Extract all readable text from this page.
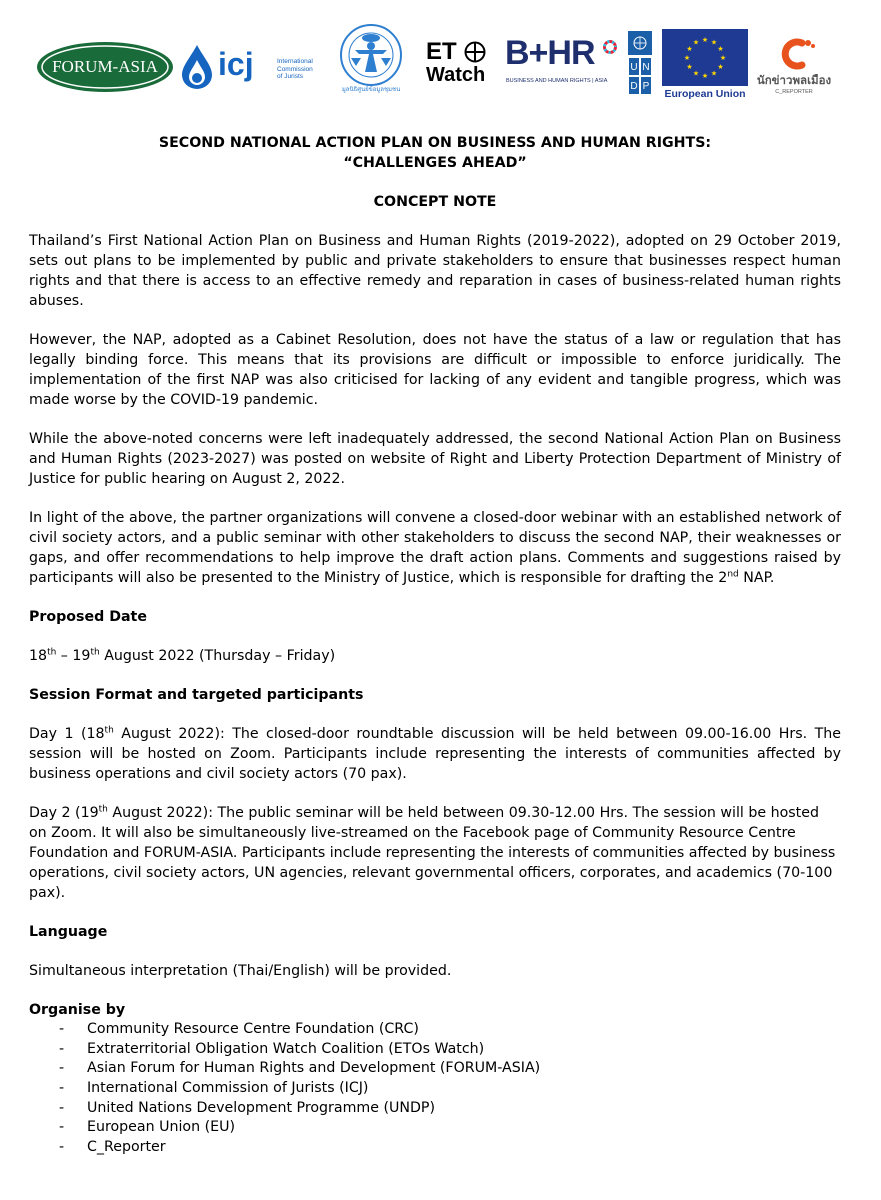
FORUM-ASIA	icj	International
Commission
of Jurists
มูลนิธิศูนย์ข้อมูลชุมชน
ET
Watch
B+HR
BUSINESS AND HUMAN RIGHTS | ASIA
U N
D P
★ ★
★
★
★
★
★
★
★
★
★
★
European Union
นักข่าวพลเมือง
C_REPORTER

SECOND NATIONAL ACTION PLAN ON BUSINESS AND HUMAN RIGHTS:
“CHALLENGES AHEAD”

CONCEPT NOTE

Thailand’s First National Action Plan on Business and Human Rights (2019-2022), adopted on 29 October 2019, sets out plans to be implemented by public and private stakeholders to ensure that businesses respect human rights and that there is access to an effective remedy and reparation in cases of business-related human rights abuses.

However, the NAP, adopted as a Cabinet Resolution, does not have the status of a law or regulation that has legally binding force. This means that its provisions are difficult or impossible to enforce juridically. The implementation of the first NAP was also criticised for lacking of any evident and tangible progress, which was made worse by the COVID-19 pandemic.

While the above-noted concerns were left inadequately addressed, the second National Action Plan on Business and Human Rights (2023-2027) was posted on website of Right and Liberty Protection Department of Ministry of Justice for public hearing on August 2, 2022.

In light of the above, the partner organizations will convene a closed-door webinar with an established network of civil society actors, and a public seminar with other stakeholders to discuss the second NAP, their weaknesses or gaps, and offer recommendations to help improve the draft action plans. Comments and suggestions raised by participants will also be presented to the Ministry of Justice, which is responsible for drafting the 2nd NAP.

Proposed Date

18th – 19th August 2022 (Thursday – Friday)

Session Format and targeted participants

Day 1 (18th August 2022): The closed-door roundtable discussion will be held between 09.00-16.00 Hrs. The session will be hosted on Zoom. Participants include representing the interests of communities affected by business operations and civil society actors (70 pax).

Day 2 (19th August 2022): The public seminar will be held between 09.30-12.00 Hrs. The session will be hosted on Zoom. It will also be simultaneously live-streamed on the Facebook page of Community Resource Centre Foundation and FORUM-ASIA. Participants include representing the interests of communities affected by business operations, civil society actors, UN agencies, relevant governmental officers, corporates, and academics (70-100 pax).

Language

Simultaneous interpretation (Thai/English) will be provided.

Organise by

- Community Resource Centre Foundation (CRC)
- Extraterritorial Obligation Watch Coalition (ETOs Watch)
- Asian Forum for Human Rights and Development (FORUM-ASIA)
- International Commission of Jurists (ICJ)
- United Nations Development Programme (UNDP)
- European Union (EU)
- C_Reporter
